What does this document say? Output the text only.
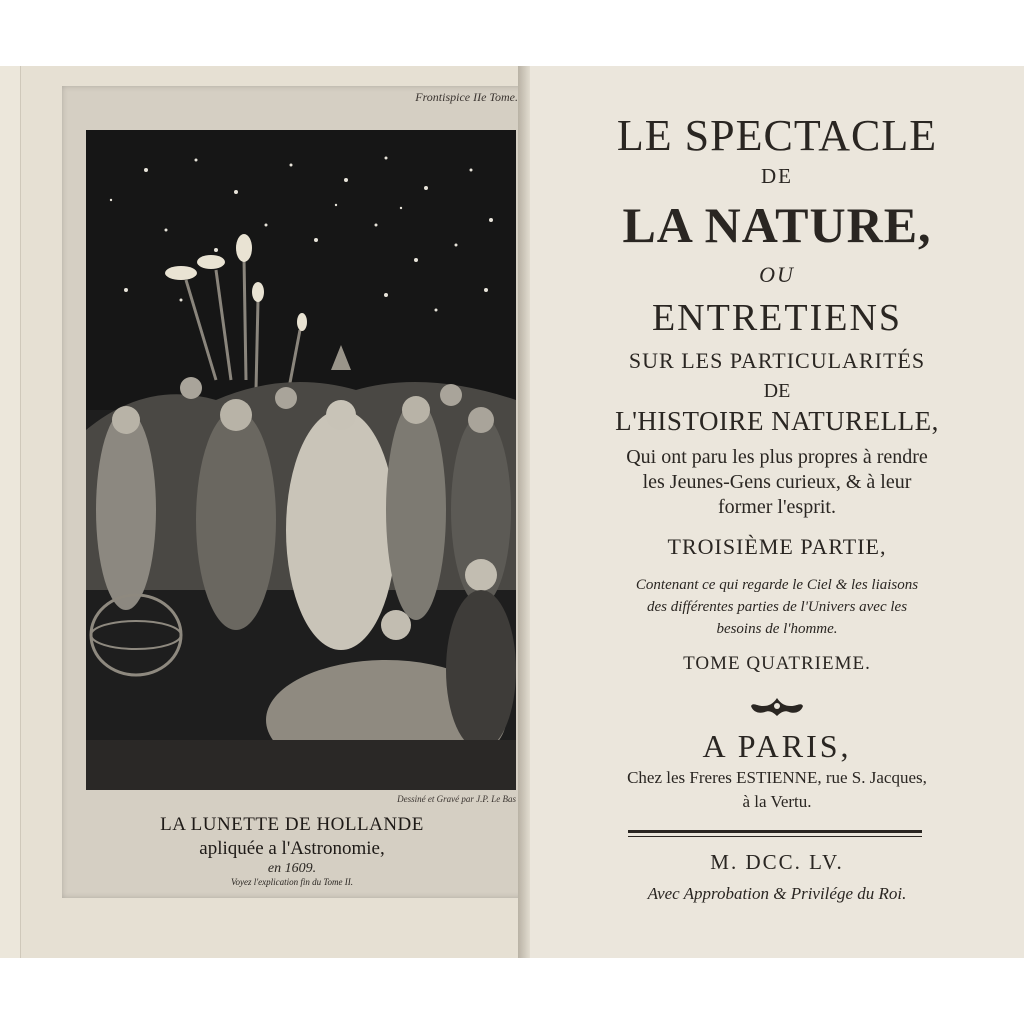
Frontispice IIe Tome.
Dessiné et Gravé par J.P. Le Bas
LA LUNETTE DE HOLLANDE
apliquée a l'Astronomie,
en 1609.
Voyez l'explication fin du Tome II.
LE SPECTACLE
DE
LA NATURE,
OU
ENTRETIENS
SUR LES PARTICULARITÉS
DE
L'HISTOIRE NATURELLE,
Qui ont paru les plus propres à rendre
les Jeunes-Gens curieux, & à leur
former l'esprit.
TROISIÈME PARTIE,
Contenant ce qui regarde le Ciel & les liaisons
des différentes parties de l'Univers avec les
besoins de l'homme.
TOME QUATRIEME.
A PARIS,
Chez les Freres ESTIENNE, rue S. Jacques,
à la Vertu.
M. DCC. LV.
Avec Approbation & Privilége du Roi.
